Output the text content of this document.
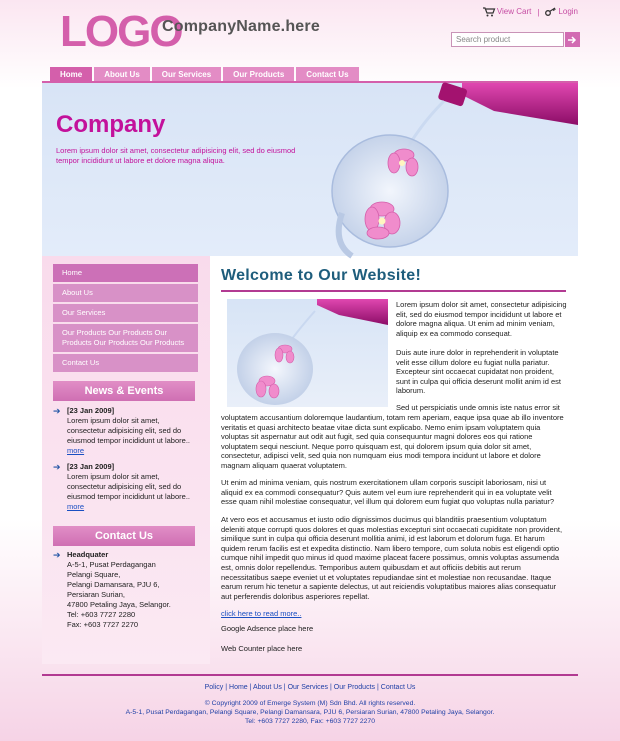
LOGO
CompanyName.here
View Cart |	Login
Search product
Home	About Us	Our Services	Our Products	Contact Us
Company
Lorem ipsum dolor sit amet, consectetur adipisicing elit, sed do eiusmod tempor incididunt ut labore et dolore magna aliqua.
Home
About Us
Our Services
Our Products Our Products Our Products Our Products Our Products
Contact Us
News & Events
➔ [23 Jan 2009]
Lorem ipsum dolor sit amet, consectetur adipisicing elit, sed do eiusmod tempor incididunt ut labore..
more
➔ [23 Jan 2009]
Lorem ipsum dolor sit amet, consectetur adipisicing elit, sed do eiusmod tempor incididunt ut labore..
more
Contact Us
➔ Headquater
A-5-1, Pusat Perdagangan
Pelangi Square,
Pelangi Damansara, PJU 6,
Persiaran Surian,
47800 Petaling Jaya, Selangor.
Tel: +603 7727 2280
Fax: +603 7727 2270
Welcome to Our Website!

Lorem ipsum dolor sit amet, consectetur adipisicing elit, sed do eiusmod tempor incididunt ut labore et dolore magna aliqua. Ut enim ad minim veniam, aliquip ex ea commodo consequat.

Duis aute irure dolor in reprehenderit in voluptate velit esse cillum dolore eu fugiat nulla pariatur. Excepteur sint occaecat cupidatat non proident, sunt in culpa qui officia deserunt mollit anim id est laborum.

Sed ut perspiciatis unde omnis iste natus error sit

voluptatem accusantium doloremque laudantium, totam rem aperiam, eaque ipsa quae ab illo inventore veritatis et quasi architecto beatae vitae dicta sunt explicabo. Nemo enim ipsam voluptatem quia voluptas sit aspernatur aut odit aut fugit, sed quia consequuntur magni dolores eos qui ratione voluptatem sequi nesciunt. Neque porro quisquam est, qui dolorem ipsum quia dolor sit amet, consectetur, adipisci velit, sed quia non numquam eius modi tempora incidunt ut labore et dolore magnam aliquam quaerat voluptatem.

Ut enim ad minima veniam, quis nostrum exercitationem ullam corporis suscipit laboriosam, nisi ut aliquid ex ea commodi consequatur? Quis autem vel eum iure reprehenderit qui in ea voluptate velit esse quam nihil molestiae consequatur, vel illum qui dolorem eum fugiat quo voluptas nulla pariatur?

At vero eos et accusamus et iusto odio dignissimos ducimus qui blanditiis praesentium voluptatum deleniti atque corrupti quos dolores et quas molestias excepturi sint occaecati cupiditate non provident, similique sunt in culpa qui officia deserunt mollitia animi, id est laborum et dolorum fuga. Et harum quidem rerum facilis est et expedita distinctio. Nam libero tempore, cum soluta nobis est eligendi optio cumque nihil impedit quo minus id quod maxime placeat facere possimus, omnis voluptas assumenda est, omnis dolor repellendus. Temporibus autem quibusdam et aut officiis debitis aut rerum necessitatibus saepe eveniet ut et voluptates repudiandae sint et molestiae non recusandae. Itaque earum rerum hic tenetur a sapiente delectus, ut aut reiciendis voluptatibus maiores alias consequatur aut perferendis doloribus asperiores repellat.

click here to read more..
Google Adsence place here
Web Counter place here
Policy | Home | About Us | Our Services | Our Products | Contact Us
© Copyright 2009 of Emerge System (M) Sdn Bhd. All rights reserved.
A-5-1, Pusat Perdagangan, Pelangi Square, Pelangi Damansara, PJU 6, Persiaran Surian, 47800 Petaling Jaya, Selangor.
Tel: +603 7727 2280, Fax: +603 7727 2270
